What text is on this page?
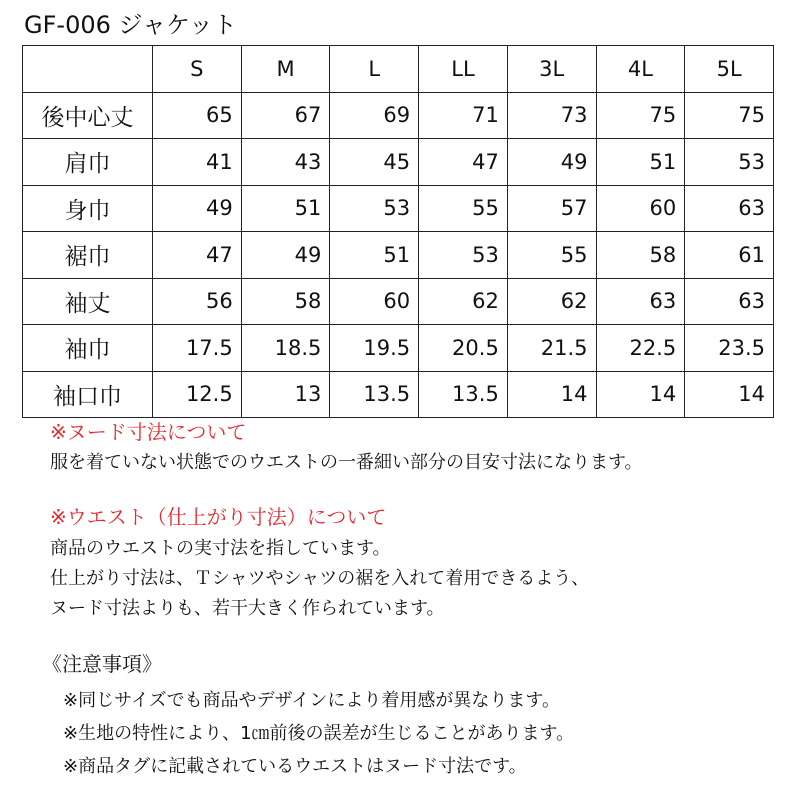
GF-006 ジャケット
	S	M	L	LL	3L	4L	5L
後中心丈	65	67	69	71	73	75	75
肩巾	41	43	45	47	49	51	53
身巾	49	51	53	55	57	60	63
裾巾	47	49	51	53	55	58	61
袖丈	56	58	60	62	62	63	63
袖巾	17.5	18.5	19.5	20.5	21.5	22.5	23.5
袖口巾	12.5	13	13.5	13.5	14	14	14
※ヌード寸法について
服を着ていない状態でのウエストの一番細い部分の目安寸法になります。
※ウエスト（仕上がり寸法）について
商品のウエストの実寸法を指しています。
仕上がり寸法は、Ｔシャツやシャツの裾を入れて着用できるよう、
ヌード寸法よりも、若干大きく作られています。
《注意事項》
※同じサイズでも商品やデザインにより着用感が異なります。
※生地の特性により、1㎝前後の誤差が生じることがあります。
※商品タグに記載されているウエストはヌード寸法です。
